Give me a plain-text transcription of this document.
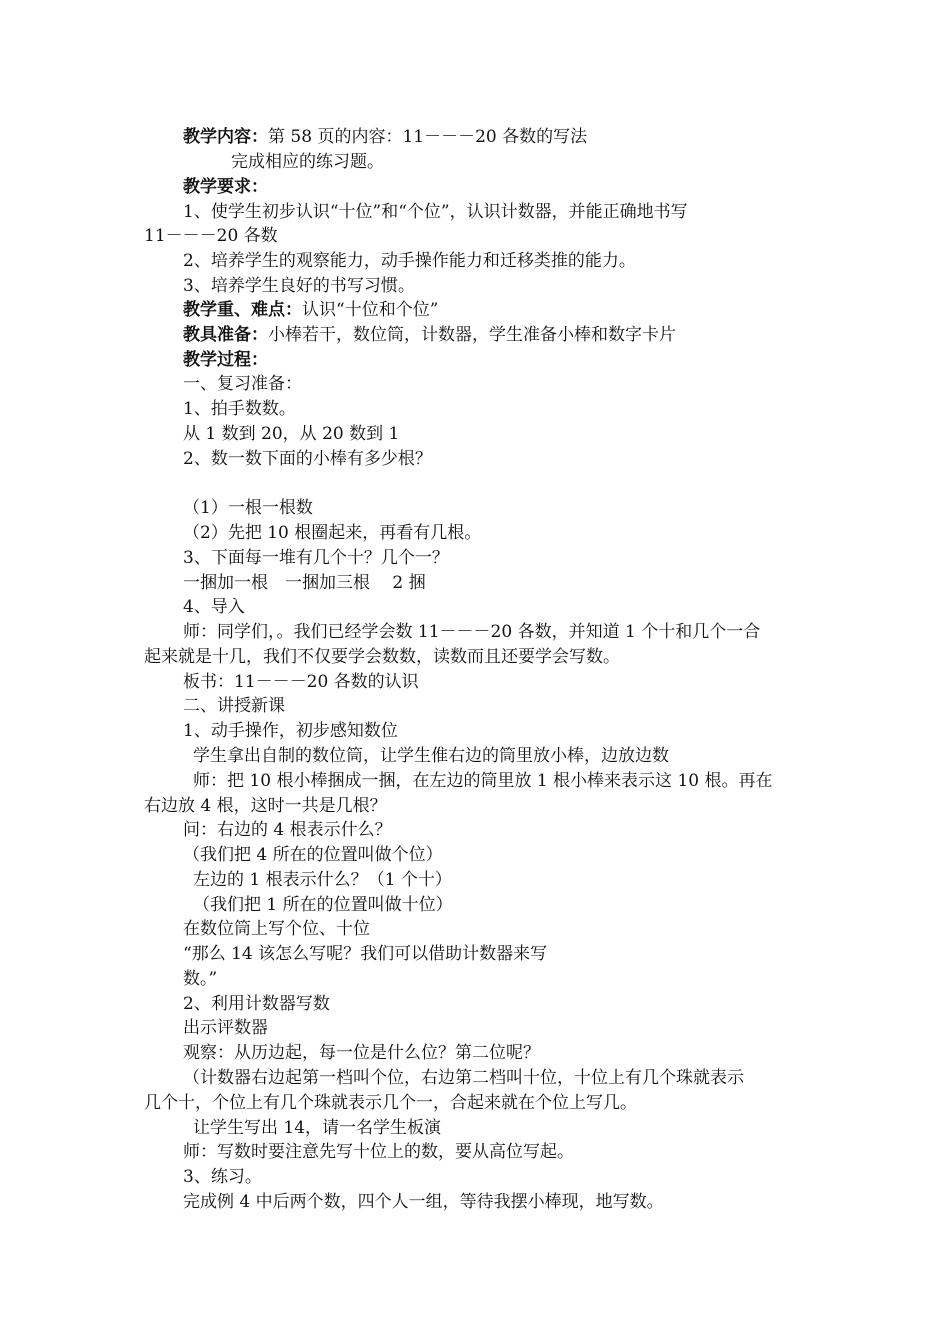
教学内容：第 58 页的内容：11－－－20 各数的写法
完成相应的练习题。
教学要求：
1、使学生初步认识“十位”和“个位”，认识计数器，并能正确地书写
11－－－20 各数
2、培养学生的观察能力，动手操作能力和迁移类推的能力。
3、培养学生良好的书写习惯。
教学重、难点：认识“十位和个位”
教具准备：小棒若干，数位筒，计数器，学生准备小棒和数字卡片
教学过程：
一、复习准备：
1、拍手数数。
从 1 数到 20，从 20 数到 1
2、数一数下面的小棒有多少根？
（1）一根一根数
（2）先把 10 根圈起来，再看有几根。
3、下面每一堆有几个十？几个一？
一捆加一根　一捆加三根　 2 捆
4、导入
师：同学们，。我们已经学会数 11－－－20 各数，并知道 1 个十和几个一合
起来就是十几，我们不仅要学会数数，读数而且还要学会写数。
板书：11－－－20 各数的认识
二、讲授新课
1、动手操作，初步感知数位
学生拿出自制的数位筒，让学生倠右边的筒里放小棒，边放边数
师：把 10 根小棒捆成一捆，在左边的筒里放 1 根小棒来表示这 10 根。再在
右边放 4 根，这时一共是几根？
问：右边的 4 根表示什么？
（我们把 4 所在的位置叫做个位）
左边的 1 根表示什么？（1 个十）
（我们把 1 所在的位置叫做十位）
在数位筒上写个位、十位
“那么 14 该怎么写呢？我们可以借助计数器来写
数。”
2、利用计数器写数
出示评数器
观察：从历边起，每一位是什么位？第二位呢？
（计数器右边起第一档叫个位，右边第二档叫十位，十位上有几个珠就表示
几个十，个位上有几个珠就表示几个一，合起来就在个位上写几。
让学生写出 14，请一名学生板演
师：写数时要注意先写十位上的数，要从高位写起。
3、练习。
完成例 4 中后两个数，四个人一组，等待我摆小棒现，地写数。
